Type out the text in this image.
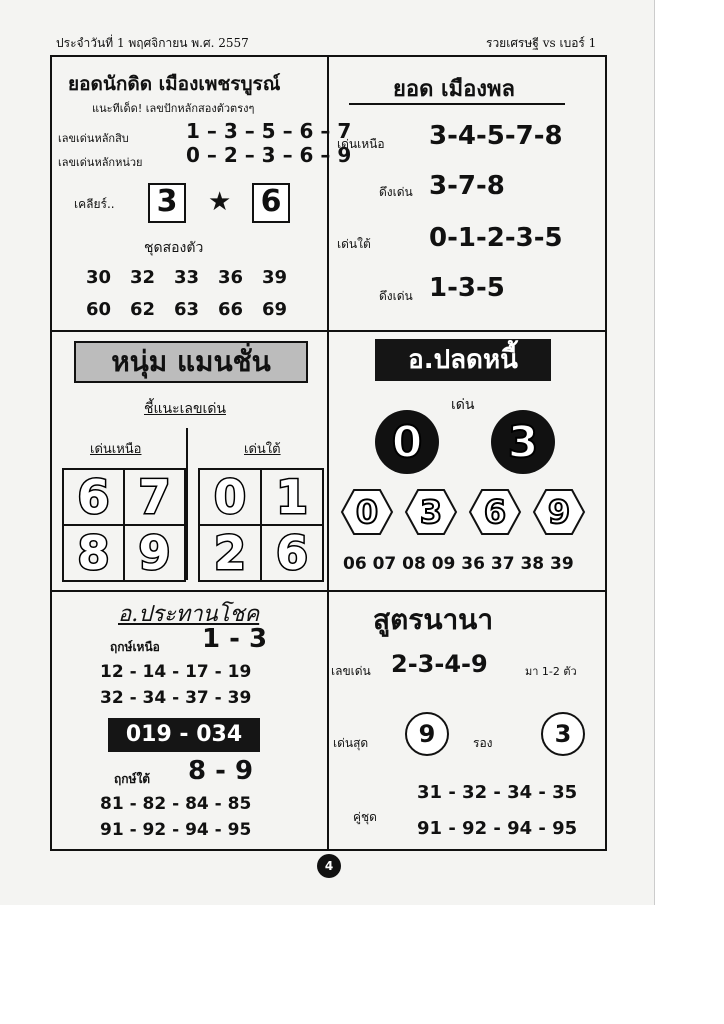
ประจำวันที่ 1 พฤศจิกายน พ.ศ. 2557	รวยเศรษฐี vs เบอร์ 1
ยอดนักดิด เมืองเพชรบูรณ์
แนะทีเด็ด! เลขปักหลักสองตัวตรงๆ
เลขเด่นหลักสิบ	1 – 3 – 5 – 6 – 7
เลขเด่นหลักหน่วย 0 – 2 – 3 – 6 – 9
เคลียร์.. 3	★ 6
ชุดสองตัว
30 32 33 36 39
60 62 63 66 69
ยอด เมืองพล
เด่นเหนือ 3-4-5-7-8
ดึงเด่น 3-7-8
เด่นใต้ 0-1-2-3-5
ดึงเด่น 1-3-5
หนุ่ม แมนชั่น
ชี้แนะเลขเด่น
เด่นเหนือ	เด่นใต้
6 7
8 9
0 1
2 6
อ.ปลดหนี้
เด่น
0 3
0	3	6	9
06 07 08 09 36 37 38 39
อ.ประทานโชค
ฤกษ์เหนือ 1 - 3
12 - 14 - 17 - 19
32 - 34 - 37 - 39
019 - 034
ฤกษ์ใต้ 8 - 9
81 - 82 - 84 - 85
91 - 92 - 94 - 95
สูตรนานา
เลขเด่น 2-3-4-9	มา 1-2 ตัว
เด่นสุด	9	รอง	3
คู่ชุด
31 - 32 - 34 - 35
91 - 92 - 94 - 95
4
